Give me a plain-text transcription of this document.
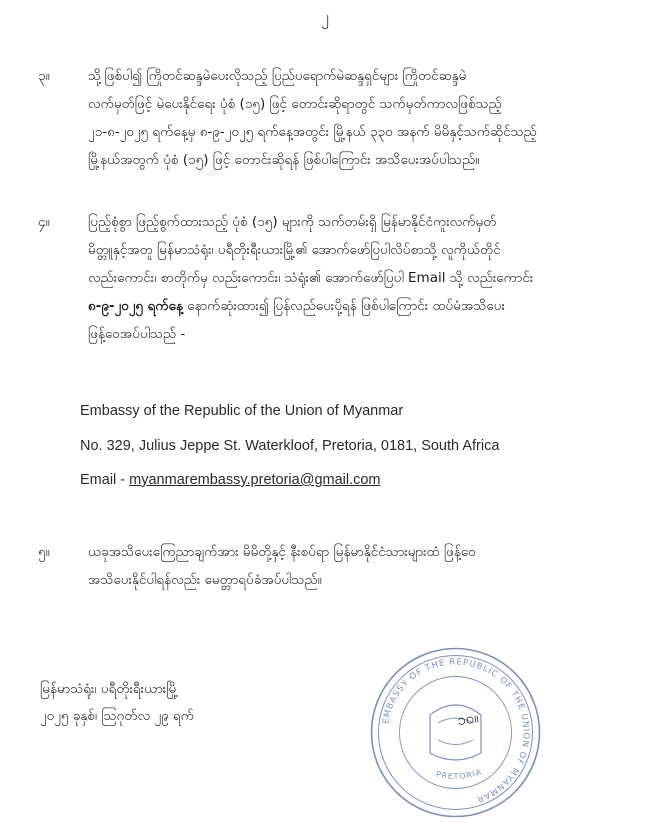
၂
၃။	သို့ဖြစ်ပါ၍ ကြိုတင်ဆန္ဒမဲပေးလိုသည့် ပြည်ပရောက်မဲဆန္ဒရှင်များ ကြိုတင်ဆန္ဒမဲ

လက်မှတ်ဖြင့် မဲပေးနိုင်ရေး ပုံစံ (၁၅) ဖြင့် တောင်းဆိုရာတွင် သက်မှတ်ကာလဖြစ်သည့်

၂၁-၈-၂၀၂၅ ရက်နေ့မှ ၈-၉-၂၀၂၅ ရက်နေ့အတွင်း မြို့နယ် ၃၃၀ အနက် မိမိနှင့်သက်ဆိုင်သည့်

မြို့နယ်အတွက် ပုံစံ (၁၅) ဖြင့် တောင်းဆိုရန် ဖြစ်ပါကြောင်း အသိပေးအပ်ပါသည်။

၄။	ပြည့်စုံစွာ ဖြည့်စွက်ထားသည့် ပုံစံ (၁၅) များကို သက်တမ်းရှိ မြန်မာနိုင်ငံကူးလက်မှတ်

မိတ္တူနှင့်အတူ မြန်မာသံရုံး၊ ပရီတိုးရီးယားမြို့၏ အောက်ဖော်ပြပါလိပ်စာသို့ လူကိုယ်တိုင်

လည်းကောင်း၊ စာတိုက်မှ လည်းကောင်း၊ သံရုံး၏ အောက်ဖော်ပြပါ Email သို့ လည်းကောင်း

၈-၉-၂၀၂၅ ရက်နေ့ နောက်ဆုံးထား၍ ပြန်လည်ပေးပို့ရန် ဖြစ်ပါကြောင်း ထပ်မံအသိပေး

ဖြန့်ဝေအပ်ပါသည် -

Embassy of the Republic of the Union of Myanmar
No. 329, Julius Jeppe St. Waterkloof, Pretoria, 0181, South Africa
Email - myanmarembassy.pretoria@gmail.com
၅။	ယခုအသိပေးကြေညာချက်အား မိမိတို့နှင့် နီးစပ်ရာ မြန်မာနိုင်ငံသားများထံ ဖြန့်ဝေ

အသိပေးနိုင်ပါရန်လည်း မေတ္တာရပ်ခံအပ်ပါသည်။

မြန်မာသံရုံး၊ ပရီတိုးရီးယားမြို့
၂၀၂၅ ခုနှစ်၊ ဩဂုတ်လ ၂၉ ရက်	EMBASSY OF THE REPUBLIC OF THE UNION OF MYANMAR
PRETORIA
၁၀။
